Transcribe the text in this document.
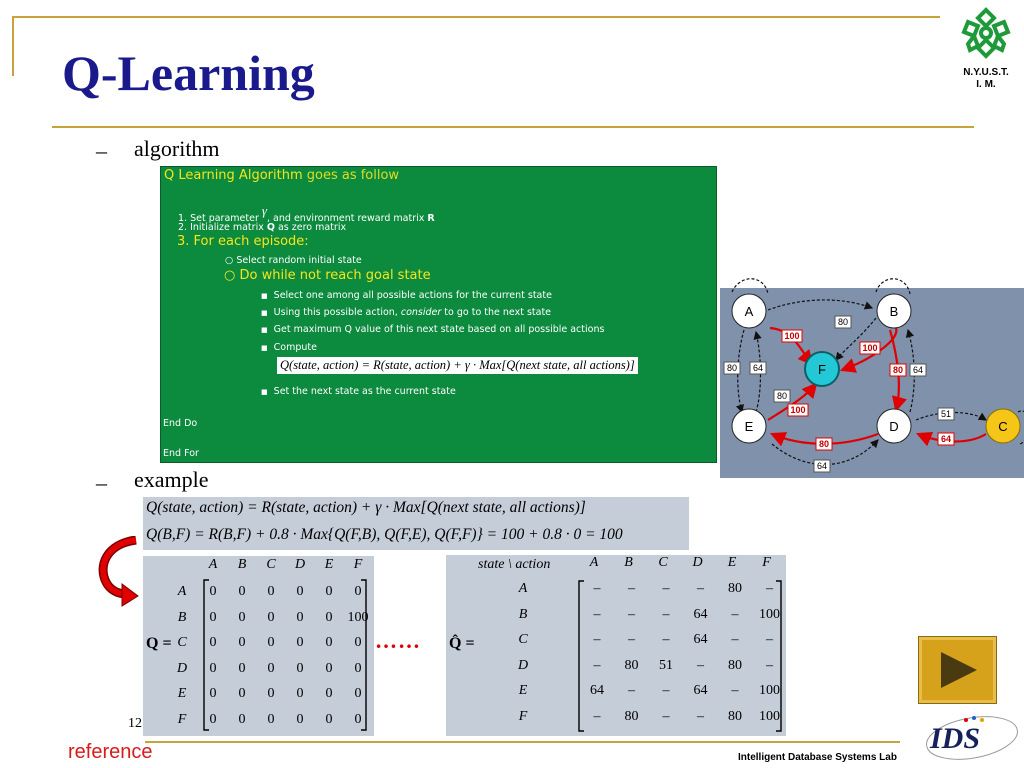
Q-Learning	N.Y.U.S.T.
I. M.
– algorithm
– example
Q Learning Algorithm goes as follow
1. Set parameter γ, and environment reward matrix R
2. Initialize matrix Q as zero matrix
3. For each episode:
○ Select random initial state
○ Do while not reach goal state
■ Select one among all possible actions for the current state
■ Using this possible action, consider to go to the next state
■ Get maximum Q value of this next state based on all possible actions
■ Compute
Q(state, action) = R(state, action) + γ · Max[Q(next state, all actions)]
■ Set the next state as the current state
End Do
End For
A	B
F
E	D	C
80
100
80 64
100
80
64
80
100
80
64
51
64
Q(state, action) = R(state, action) + γ · Max[Q(next state, all actions)]
Q(B,F) = R(B,F) + 0.8 · Max{Q(F,B), Q(F,E), Q(F,F)} = 100 + 0.8 · 0 = 100
Q =
A	B	C	D	E	F
A	0	0	0	0	0	0
B	0	0	0	0	0	100
C	0	0	0	0	0	0
D	0	0	0	0	0	0
E	0	0	0	0	0	0
F	0	0	0	0	0	0
…… Q̂ =
state \ action	A	B	C	D	E	F
A	–	–	–	–	80	–
B	–	–	–	64	–	100
C	–	–	–	64	–	–
D	–	80	51	–	80	–
E	64	–	–	64	–	100
F	–	80	–	–	80	100
12
reference	Intelligent Database Systems Lab
IDS
